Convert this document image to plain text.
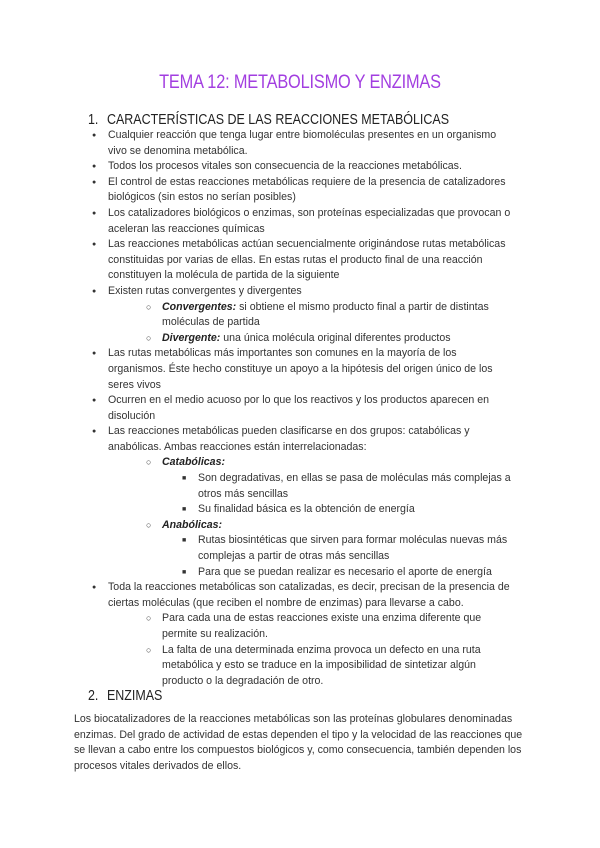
TEMA 12: METABOLISMO Y ENZIMAS
1. CARACTERÍSTICAS DE LAS REACCIONES METABÓLICAS
● Cualquier reacción que tenga lugar entre biomoléculas presentes en un organismo vivo se denomina metabólica.
● Todos los procesos vitales son consecuencia de la reacciones metabólicas.
● El control de estas reacciones metabólicas requiere de la presencia de catalizadores biológicos (sin estos no serían posibles)
● Los catalizadores biológicos o enzimas, son proteínas especializadas que provocan o aceleran las reacciones químicas
● Las reacciones metabólicas actúan secuencialmente originándose rutas metabólicas constituidas por varias de ellas. En estas rutas el producto final de una reacción constituyen la molécula de partida de la siguiente
● Existen rutas convergentes y divergentes
○ Convergentes: si obtiene el mismo producto final a partir de distintas moléculas de partida
○ Divergente: una única molécula original diferentes productos
● Las rutas metabólicas más importantes son comunes en la mayoría de los organismos. Éste hecho constituye un apoyo a la hipótesis del origen único de los seres vivos
● Ocurren en el medio acuoso por lo que los reactivos y los productos aparecen en disolución
● Las reacciones metabólicas pueden clasificarse en dos grupos: catabólicas y anabólicas. Ambas reacciones están interrelacionadas:
○ Catabólicas:
■ Son degradativas, en ellas se pasa de moléculas más complejas a otros más sencillas
■ Su finalidad básica es la obtención de energía
○ Anabólicas:
■ Rutas biosintéticas que sirven para formar moléculas nuevas más complejas a partir de otras más sencillas
■ Para que se puedan realizar es necesario el aporte de energía
● Toda la reacciones metabólicas son catalizadas, es decir, precisan de la presencia de ciertas moléculas (que reciben el nombre de enzimas) para llevarse a cabo.
○ Para cada una de estas reacciones existe una enzima diferente que permite su realización.
○ La falta de una determinada enzima provoca un defecto en una ruta metabólica y esto se traduce en la imposibilidad de sintetizar algún producto o la degradación de otro.
2. ENZIMAS
Los biocatalizadores de la reacciones metabólicas son las proteínas globulares denominadas enzimas. Del grado de actividad de estas dependen el tipo y la velocidad de las reacciones que se llevan a cabo entre los compuestos biológicos y, como consecuencia, también dependen los procesos vitales derivados de ellos.
